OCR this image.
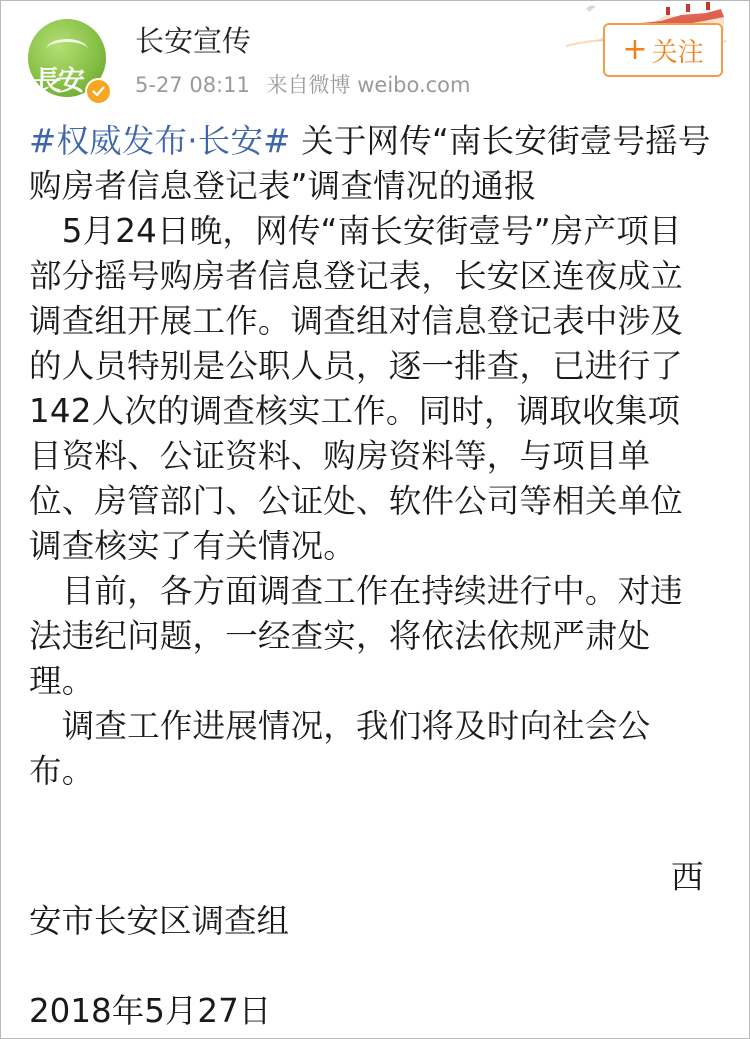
長安
长安宣传
5-27 08:11 来自微博 weibo.com
+ 关注
#权威发布·长安# 关于网传“南长安街壹号摇号
购房者信息登记表”调查情况的通报
　5月24日晚，网传“南长安街壹号”房产项目
部分摇号购房者信息登记表，长安区连夜成立
调查组开展工作。调查组对信息登记表中涉及
的人员特别是公职人员，逐一排查，已进行了
142人次的调查核实工作。同时，调取收集项
目资料、公证资料、购房资料等，与项目单
位、房管部门、公证处、软件公司等相关单位
调查核实了有关情况。
　目前，各方面调查工作在持续进行中。对违
法违纪问题，一经查实，将依法依规严肃处
理。
　调查工作进展情况，我们将及时向社会公
布。
西
安市长安区调查组
2018年5月27日
